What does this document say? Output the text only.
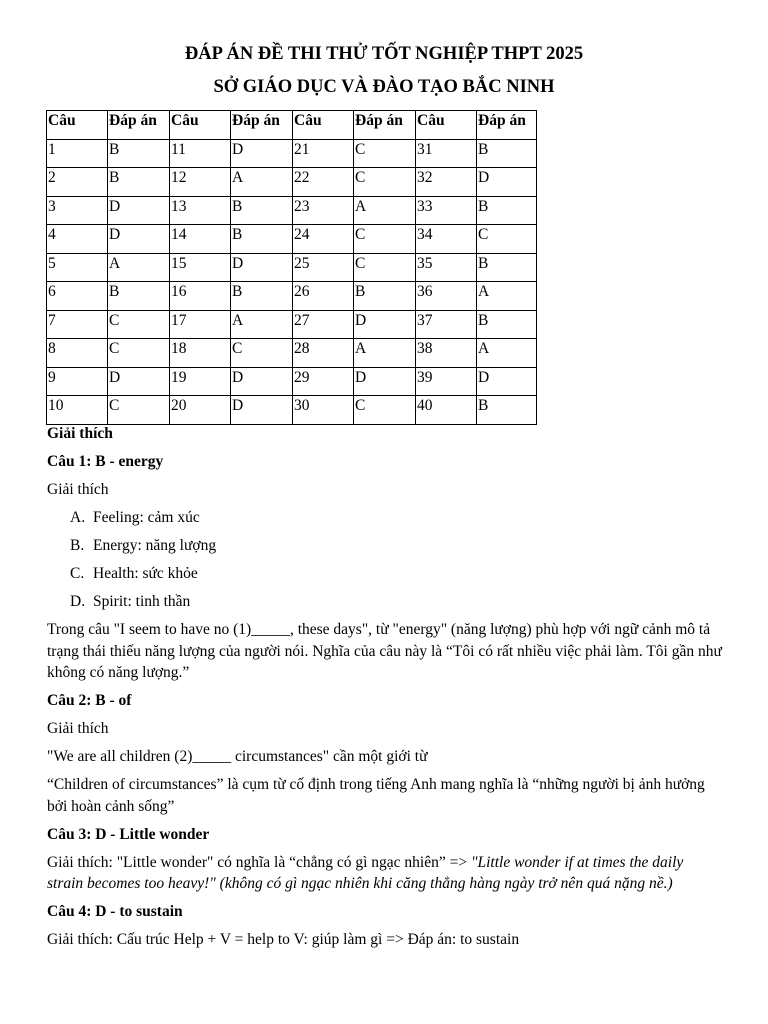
ĐÁP ÁN ĐỀ THI THỬ TỐT NGHIỆP THPT 2025
SỞ GIÁO DỤC VÀ ĐÀO TẠO BẮC NINH
Câu	Đáp án	Câu	Đáp án	Câu	Đáp án	Câu	Đáp án
1	B	11	D	21	C	31	B
2	B	12	A	22	C	32	D
3	D	13	B	23	A	33	B
4	D	14	B	24	C	34	C
5	A	15	D	25	C	35	B
6	B	16	B	26	B	36	A
7	C	17	A	27	D	37	B
8	C	18	C	28	A	38	A
9	D	19	D	29	D	39	D
10	C	20	D	30	C	40	B

Giải thích

Câu 1: B - energy

Giải thích

A. Feeling: cảm xúc
B. Energy: năng lượng
C. Health: sức khỏe
D. Spirit: tinh thần

Trong câu "I seem to have no (1)_____, these days", từ "energy" (năng lượng) phù hợp với ngữ cảnh mô tả trạng thái thiếu năng lượng của người nói. Nghĩa của câu này là “Tôi có rất nhiều việc phải làm. Tôi gần như không có năng lượng.”

Câu 2: B - of

Giải thích

"We are all children (2)_____ circumstances" cần một giới từ

“Children of circumstances” là cụm từ cố định trong tiếng Anh mang nghĩa là “những người bị ảnh hưởng bởi hoàn cảnh sống”

Câu 3: D - Little wonder

Giải thích: "Little wonder" có nghĩa là “chẳng có gì ngạc nhiên” => "Little wonder if at times the daily strain becomes too heavy!" (không có gì ngạc nhiên khi căng thẳng hàng ngày trở nên quá nặng nề.)

Câu 4: D - to sustain

Giải thích: Cấu trúc Help + V = help to V: giúp làm gì => Đáp án: to sustain
